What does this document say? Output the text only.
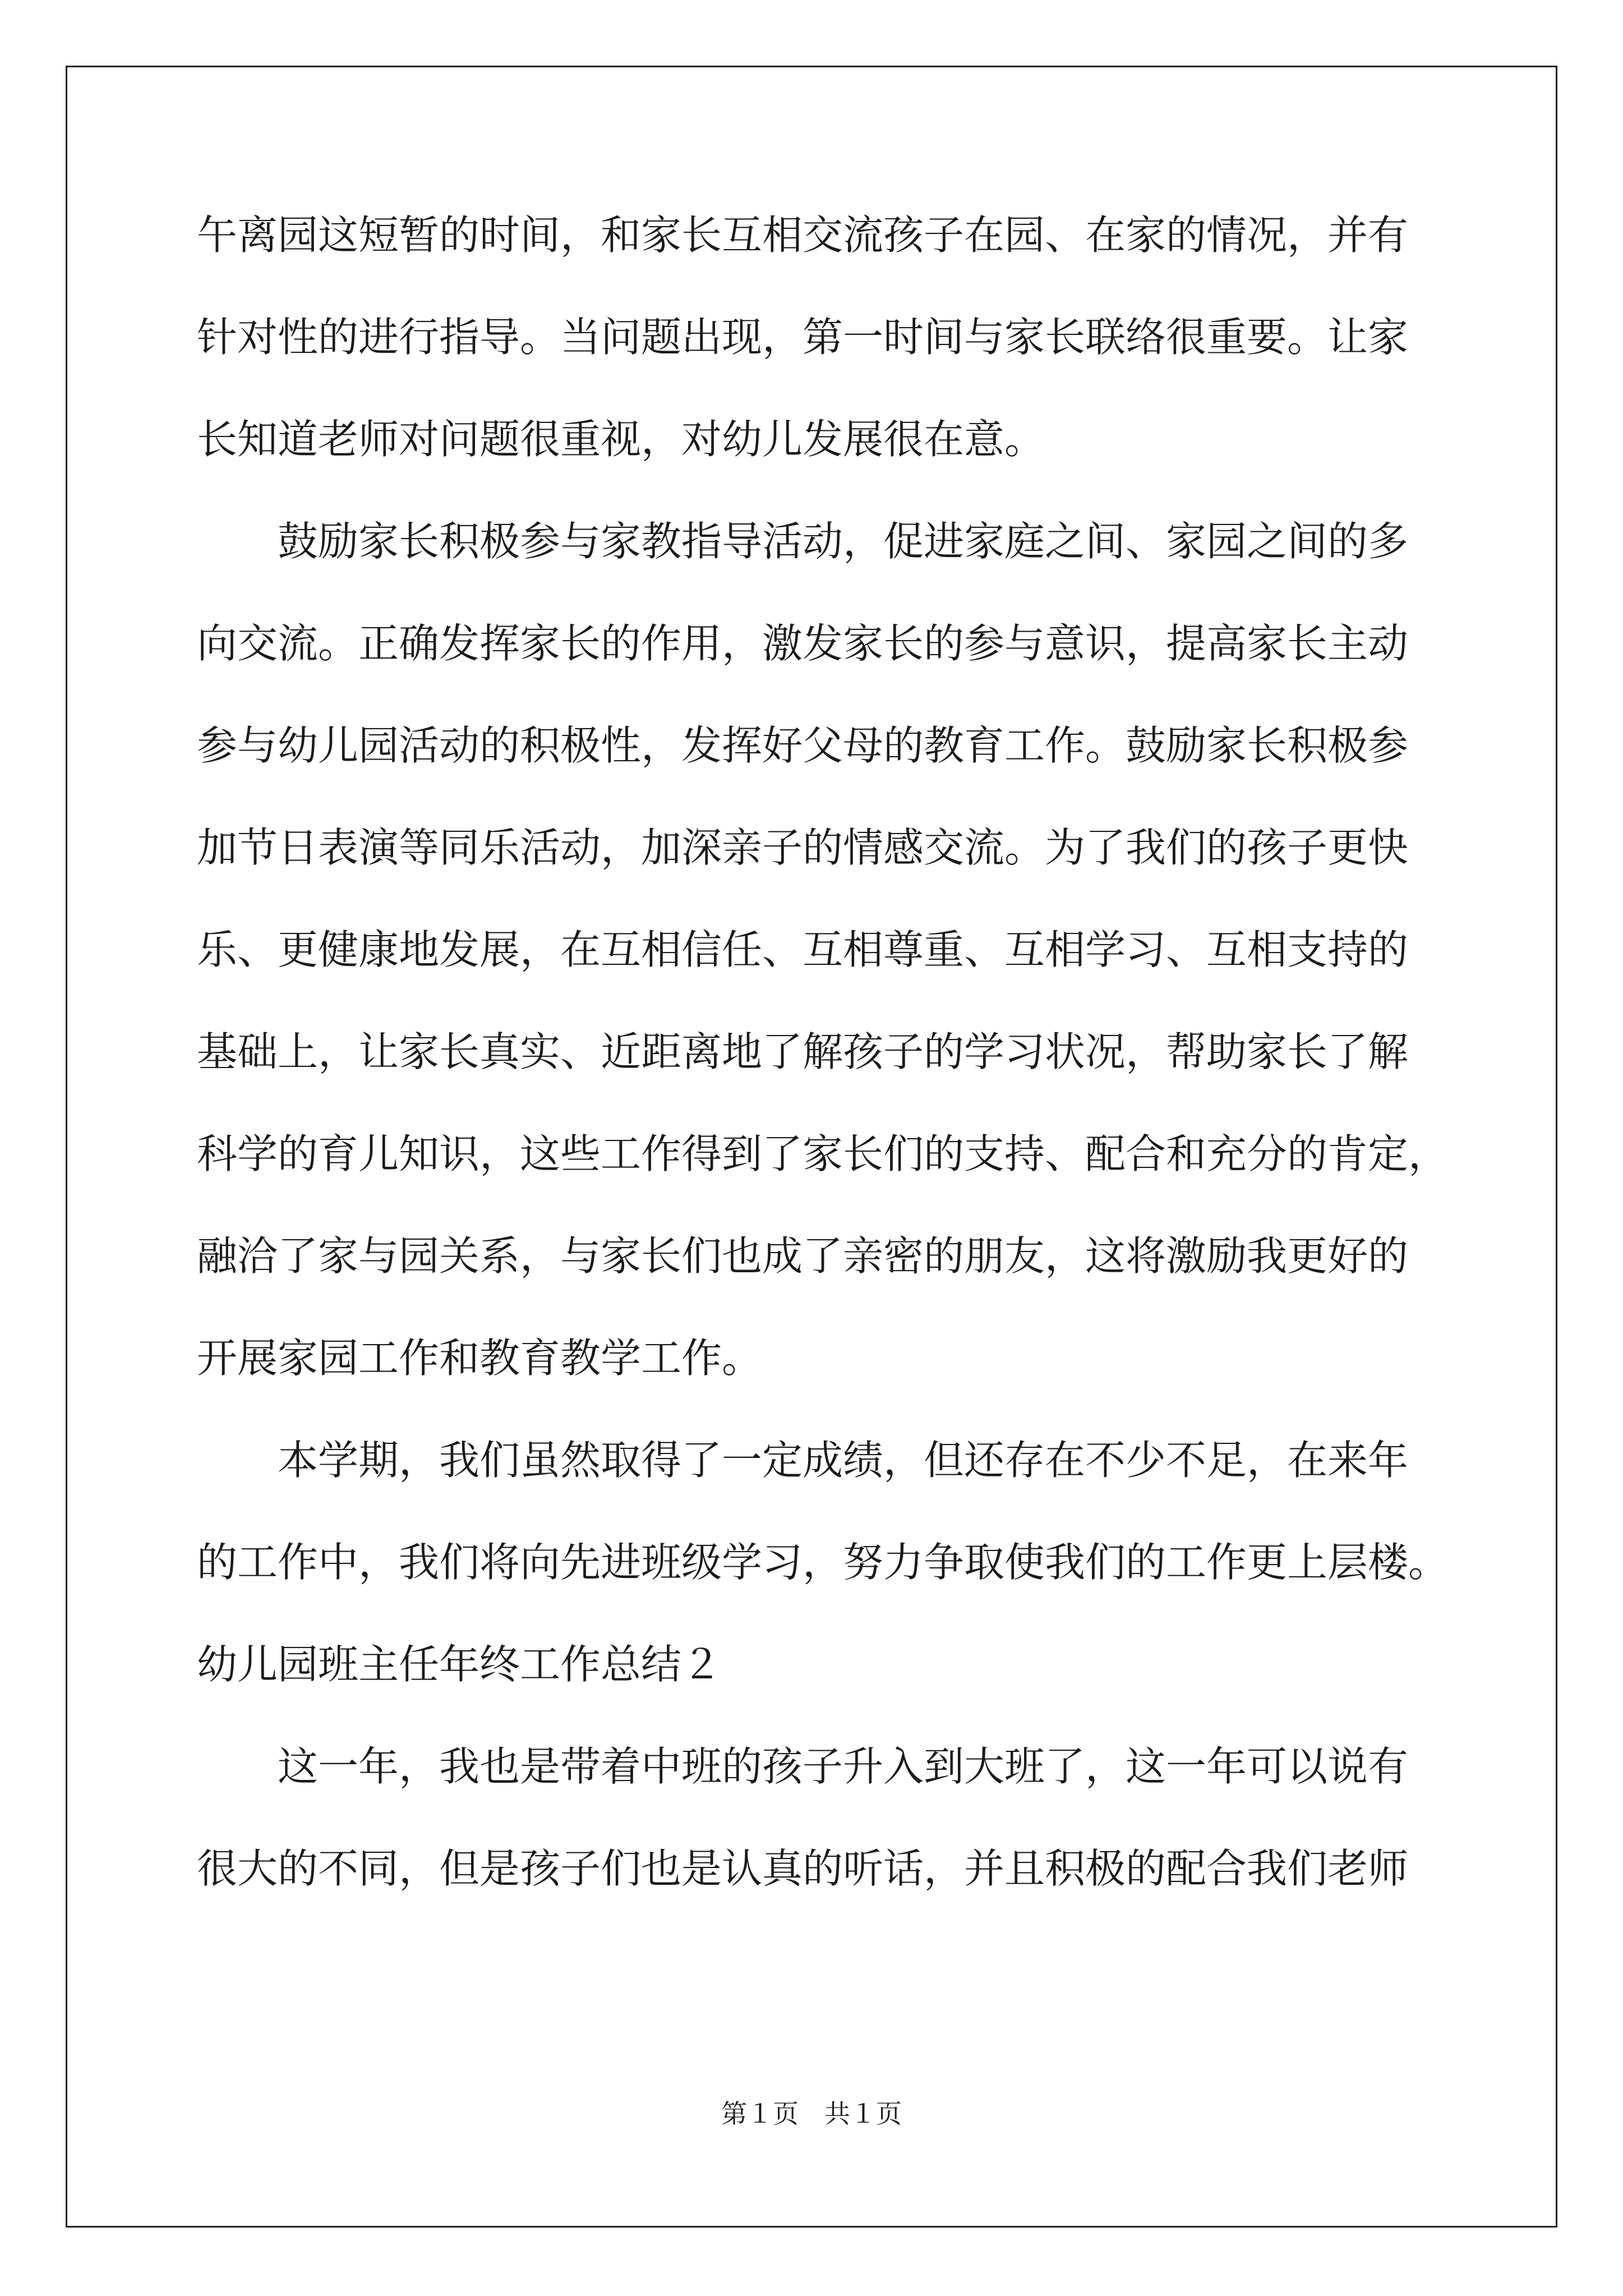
午离园这短暂的时间，和家长互相交流孩子在园、在家的情况，并有
针对性的进行指导。当问题出现，第一时间与家长联络很重要。让家
长知道老师对问题很重视，对幼儿发展很在意。
　　鼓励家长积极参与家教指导活动，促进家庭之间、家园之间的多
向交流。正确发挥家长的作用，激发家长的参与意识，提高家长主动
参与幼儿园活动的积极性，发挥好父母的教育工作。鼓励家长积极参
加节日表演等同乐活动，加深亲子的情感交流。为了我们的孩子更快
乐、更健康地发展，在互相信任、互相尊重、互相学习、互相支持的
基础上，让家长真实、近距离地了解孩子的学习状况，帮助家长了解
科学的育儿知识，这些工作得到了家长们的支持、配合和充分的肯定，
融洽了家与园关系，与家长们也成了亲密的朋友，这将激励我更好的
开展家园工作和教育教学工作。
　　本学期，我们虽然取得了一定成绩，但还存在不少不足，在来年
的工作中，我们将向先进班级学习，努力争取使我们的工作更上层楼。
幼儿园班主任年终工作总结２
　　这一年，我也是带着中班的孩子升入到大班了，这一年可以说有
很大的不同，但是孩子们也是认真的听话，并且积极的配合我们老师
第１页　共１页
